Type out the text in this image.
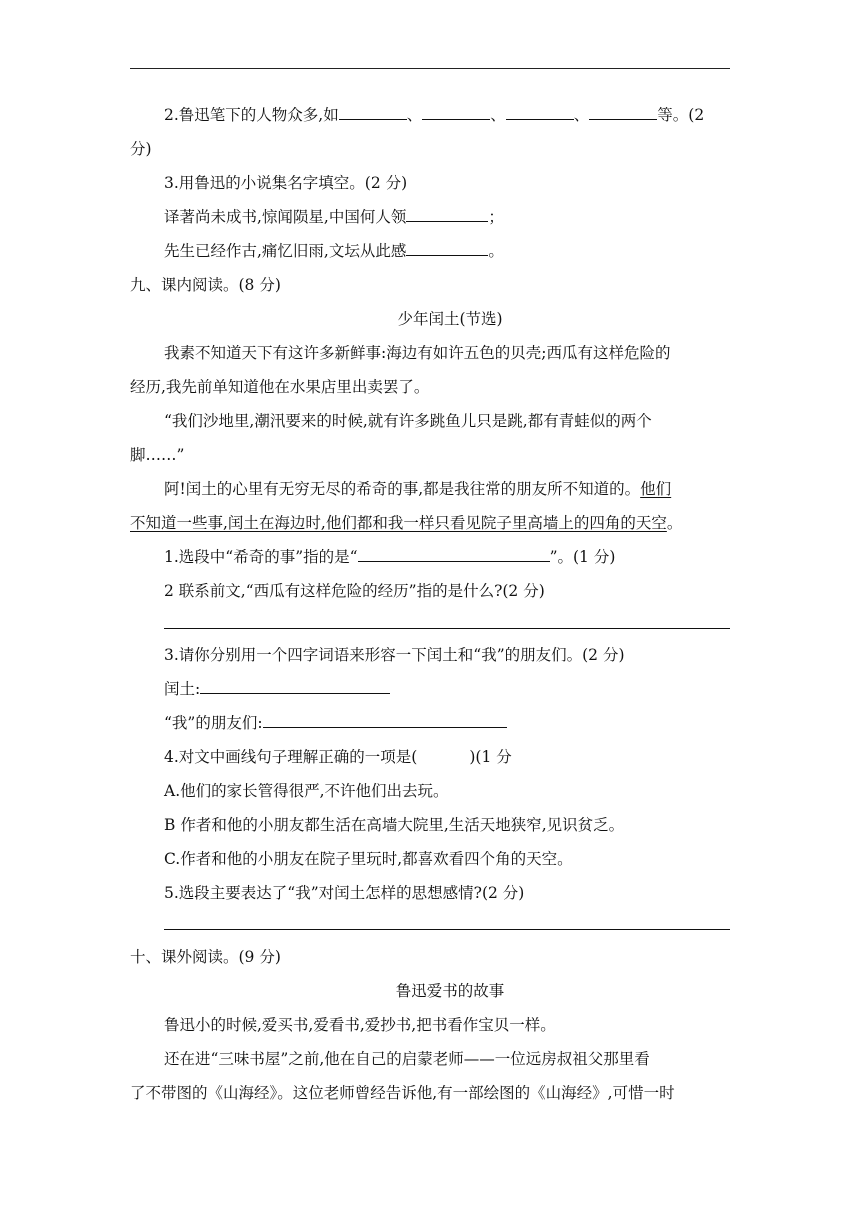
2.鲁迅笔下的人物众多,如	、	、	、	等。(2
分)
3.用鲁迅的小说集名字填空。(2 分)
译著尚未成书,惊闻陨星,中国何人领	；
先生已经作古,痛忆旧雨,文坛从此感	。
九、课内阅读。(8 分)
少年闰土(节选)
我素不知道天下有这许多新鲜事:海边有如许五色的贝壳;西瓜有这样危险的
经历,我先前单知道他在水果店里出卖罢了。
“我们沙地里,潮汛要来的时候,就有许多跳鱼儿只是跳,都有青蛙似的两个
脚……”
阿!闰土的心里有无穷无尽的希奇的事,都是我往常的朋友所不知道的。他们
不知道一些事,闰土在海边时,他们都和我一样只看见院子里高墙上的四角的天空。
1.选段中“希奇的事”指的是“	”。(1 分)
2 联系前文,“西瓜有这样危险的经历”指的是什么?(2 分)
3.请你分别用一个四字词语来形容一下闰土和“我”的朋友们。(2 分)
闰土:
“我”的朋友们:
4.对文中画线句子理解正确的一项是(	)(1 分
A.他们的家长管得很严,不许他们出去玩。
B 作者和他的小朋友都生活在高墙大院里,生活天地狭窄,见识贫乏。
C.作者和他的小朋友在院子里玩时,都喜欢看四个角的天空。
5.选段主要表达了“我”对闰土怎样的思想感情?(2 分)
十、课外阅读。(9 分)
鲁迅爱书的故事
鲁迅小的时候,爱买书,爱看书,爱抄书,把书看作宝贝一样。
还在进“三味书屋”之前,他在自己的启蒙老师——一位远房叔祖父那里看
了不带图的《山海经》。这位老师曾经告诉他,有一部绘图的《山海经》,可惜一时
